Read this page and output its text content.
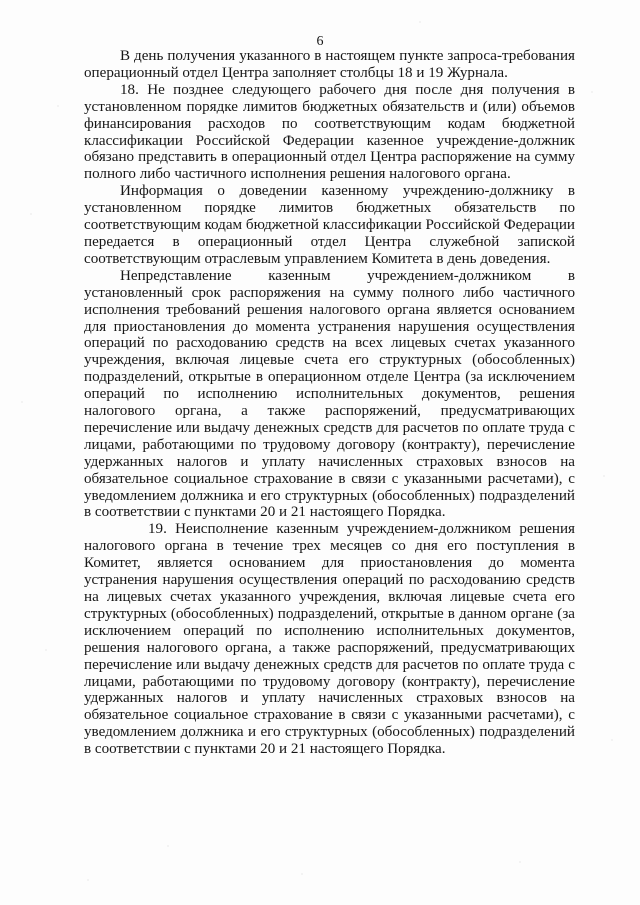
6

В день получения указанного в настоящем пункте запроса-требования операционный отдел Центра заполняет столбцы 18 и 19 Журнала.

18. Не позднее следующего рабочего дня после дня получения в установленном порядке лимитов бюджетных обязательств и (или) объемов финансирования расходов по соответствующим кодам бюджетной классификации Российской Федерации казенное учреждение-должник обязано представить в операционный отдел Центра распоряжение на сумму полного либо частичного исполнения решения налогового органа.

Информация о доведении казенному учреждению-должнику в установленном порядке лимитов бюджетных обязательств по соответствующим кодам бюджетной классификации Российской Федерации передается в операционный отдел Центра служебной запиской соответствующим отраслевым управлением Комитета в день доведения.

Непредставление казенным учреждением-должником в установленный срок распоряжения на сумму полного либо частичного исполнения требований решения налогового органа является основанием для приостановления до момента устранения нарушения осуществления операций по расходованию средств на всех лицевых счетах указанного учреждения, включая лицевые счета его структурных (обособленных) подразделений, открытые в операционном отделе Центра (за исключением операций по исполнению исполнительных документов, решения налогового органа, а также распоряжений, предусматривающих перечисление или выдачу денежных средств для расчетов по оплате труда с лицами, работающими по трудовому договору (контракту), перечисление удержанных налогов и уплату начисленных страховых взносов на обязательное социальное страхование в связи с указанными расчетами), с уведомлением должника и его структурных (обособленных) подразделений в соответствии с пунктами 20 и 21 настоящего Порядка.

19. Неисполнение казенным учреждением-должником решения налогового органа в течение трех месяцев со дня его поступления в Комитет, является основанием для приостановления до момента устранения нарушения осуществления операций по расходованию средств на лицевых счетах указанного учреждения, включая лицевые счета его структурных (обособленных) подразделений, открытые в данном органе (за исключением операций по исполнению исполнительных документов, решения налогового органа, а также распоряжений, предусматривающих перечисление или выдачу денежных средств для расчетов по оплате труда с лицами, работающими по трудовому договору (контракту), перечисление удержанных налогов и уплату начисленных страховых взносов на обязательное социальное страхование в связи с указанными расчетами), с уведомлением должника и его структурных (обособленных) подразделений в соответствии с пунктами 20 и 21 настоящего Порядка.
